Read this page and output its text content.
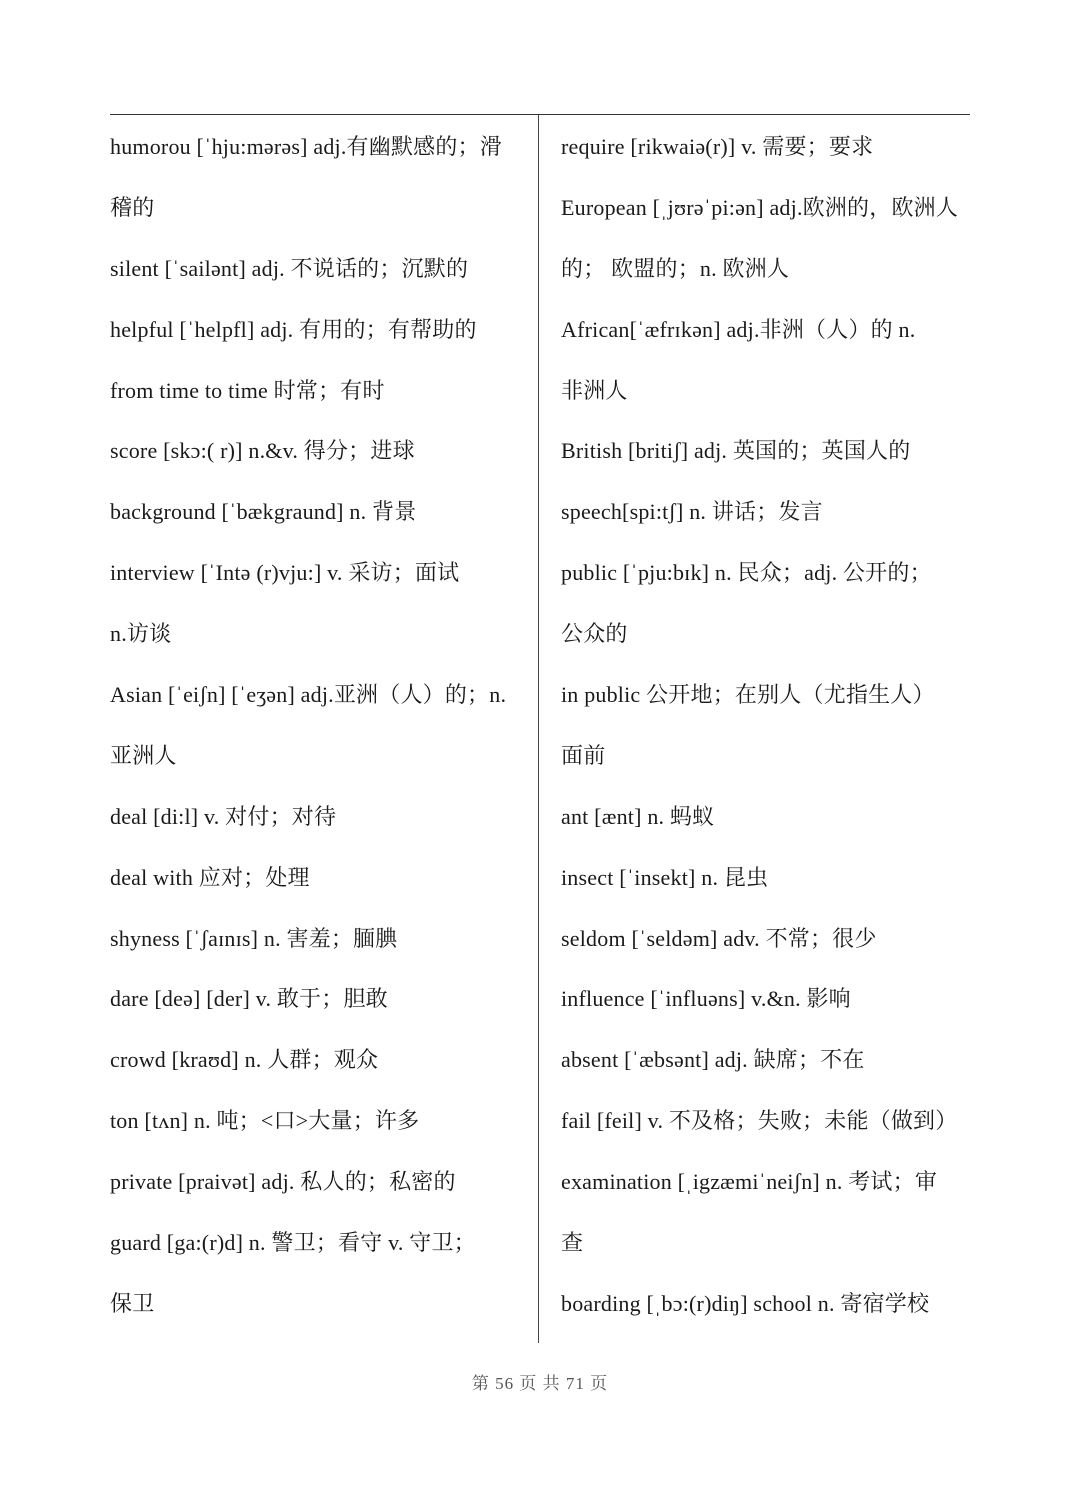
humorou [ˈhju:mərəs] adj.有幽默感的；滑
稽的
silent [ˈsailənt] adj. 不说话的；沉默的
helpful [ˈhelpfl] adj. 有用的；有帮助的
from time to time 时常；有时
score [skɔ:( r)] n.&v. 得分；进球
background [ˈbækgraund] n. 背景
interview [ˈIntə (r)vju:] v. 采访；面试
n.访谈
Asian [ˈeiʃn] [ˈeʒən] adj.亚洲（人）的；n.
亚洲人
deal [di:l] v. 对付；对待
deal with 应对；处理
shyness [ˈʃaɪnɪs] n. 害羞；腼腆
dare [deə] [der] v. 敢于；胆敢
crowd [kraʊd] n. 人群；观众
ton [tʌn] n. 吨；<口>大量；许多
private [praivət] adj. 私人的；私密的
guard [ga:(r)d] n. 警卫；看守 v. 守卫；
保卫
require [rikwaiə(r)] v. 需要；要求
European [ˌjʊrəˈpi:ən] adj.欧洲的，欧洲人
的； 欧盟的；n. 欧洲人
African[ˈæfrɪkən] adj.非洲（人）的 n.
非洲人
British [britiʃ] adj. 英国的；英国人的
speech[spi:tʃ] n. 讲话；发言
public [ˈpju:bɪk] n. 民众；adj. 公开的；
公众的
in public 公开地；在别人（尤指生人）
面前
ant [ænt] n. 蚂蚁
insect [ˈinsekt] n. 昆虫
seldom [ˈseldəm] adv. 不常；很少
influence [ˈinfluəns] v.&n. 影响
absent [ˈæbsənt] adj. 缺席；不在
fail [feil] v. 不及格；失败；未能（做到）
examination [ˌigzæmiˈneiʃn] n. 考试；审
查
boarding [ˌbɔ:(r)diŋ] school n. 寄宿学校
第 56 页 共 71 页
